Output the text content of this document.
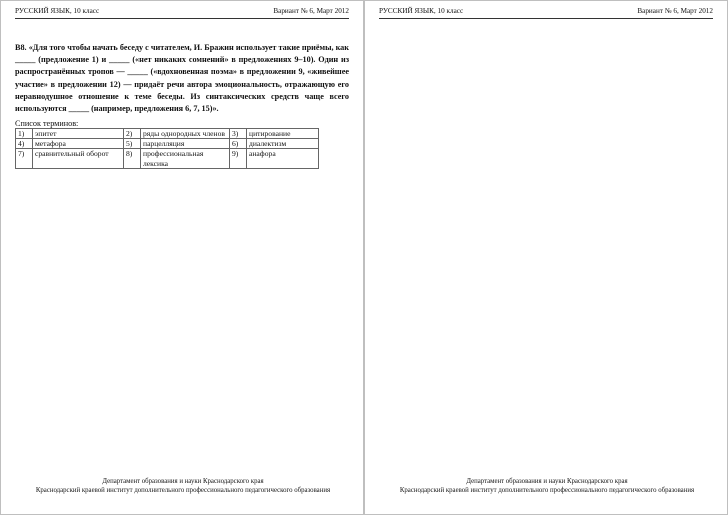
РУССКИЙ ЯЗЫК, 10 класс	Вариант № 6, Март 2012
B8. «Для того чтобы начать беседу с читателем, И. Бражин использует такие приёмы, как _____ (предложение 1) и _____ («нет никаких сомнений» в предложениях 9–10). Один из распространённых тропов — _____ («вдохновенная поэма» в предложении 9, «живейшее участие» в предложении 12) — придаёт речи автора эмоциональность, отражающую его неравнодушное отношение к теме беседы. Из синтаксических средств чаще всего используются _____ (например, предложения 6, 7, 15)».
Список терминов:
1)	эпитет	2)	ряды однородных членов	3)	цитирование
4)	метафора	5)	парцелляция	6)	диалектизм
7)	сравнительный оборот	8)	профессиональная лексика	9)	анафора
Департамент образования и науки Краснодарского края
Краснодарский краевой институт дополнительного профессионального педагогического образования
РУССКИЙ ЯЗЫК, 10 класс	Вариант № 6, Март 2012
Департамент образования и науки Краснодарского края
Краснодарский краевой институт дополнительного профессионального педагогического образования
